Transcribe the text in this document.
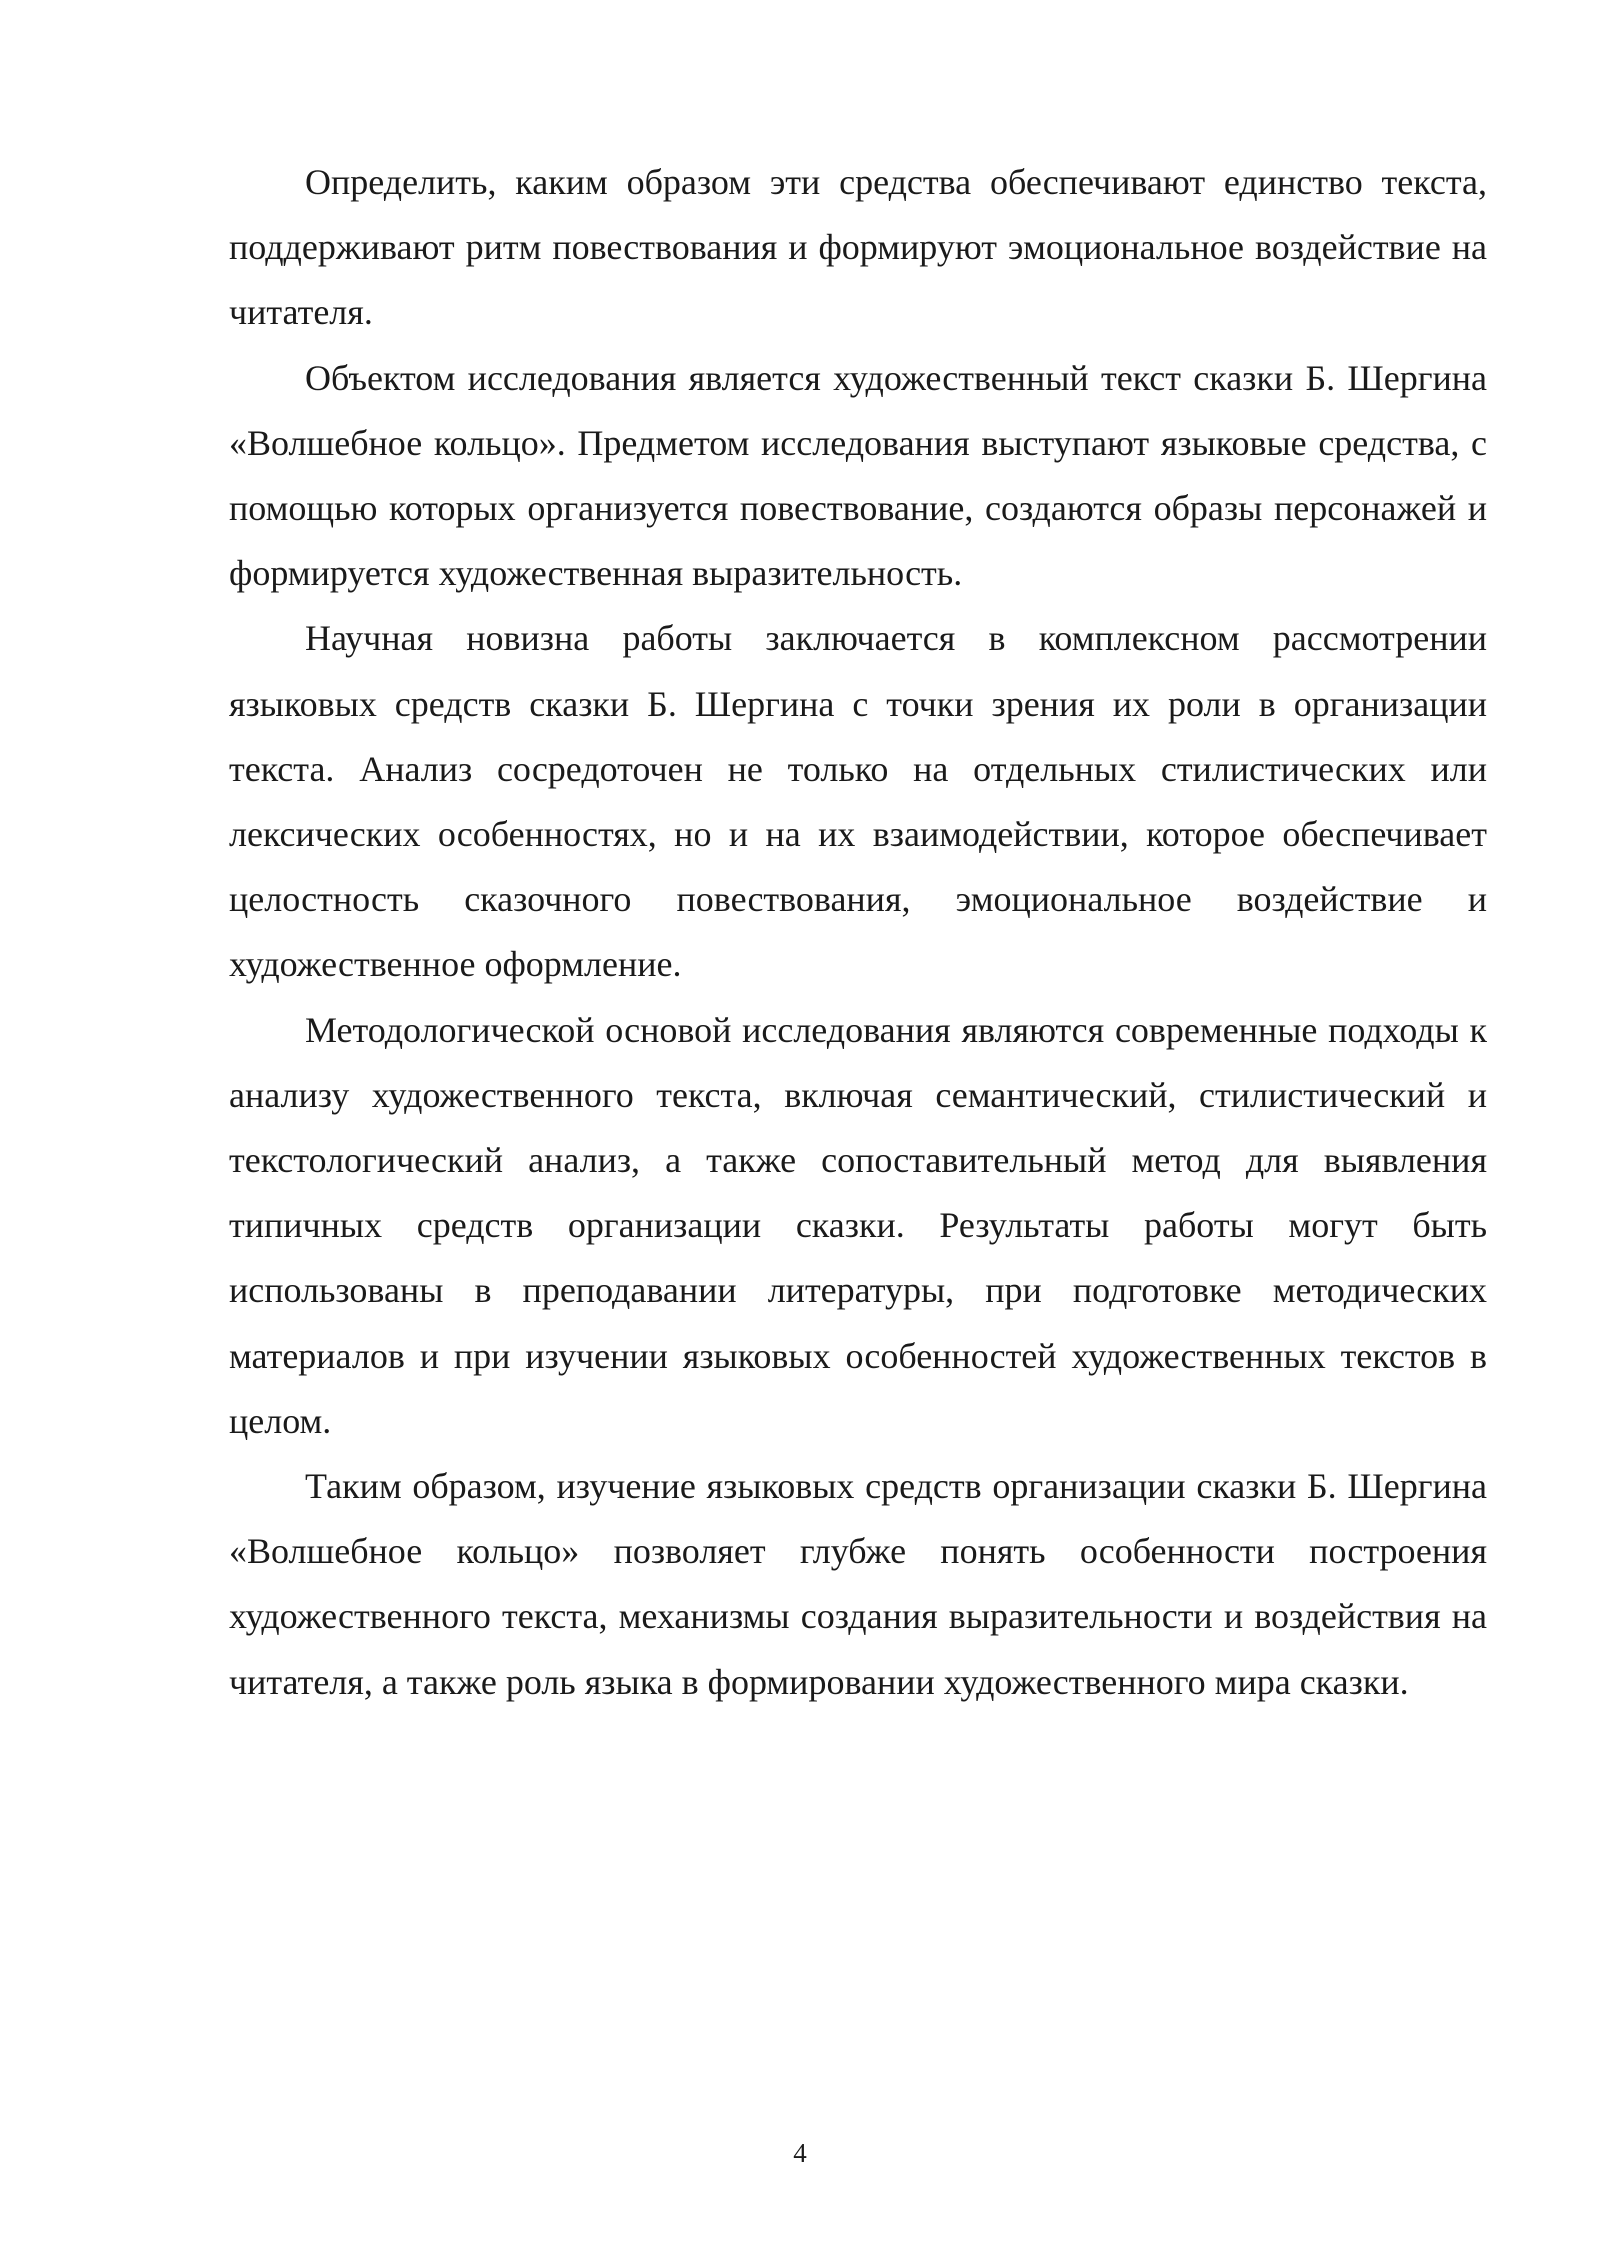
Определить, каким образом эти средства обеспечивают единство текста, поддерживают ритм повествования и формируют эмоциональное воздействие на читателя.

Объектом исследования является художественный текст сказки Б. Шергина «Волшебное кольцо». Предметом исследования выступают языковые средства, с помощью которых организуется повествование, создаются образы персонажей и формируется художественная выразительность.

Научная новизна работы заключается в комплексном рассмотрении языковых средств сказки Б. Шергина с точки зрения их роли в организации текста. Анализ сосредоточен не только на отдельных стилистических или лексических особенностях, но и на их взаимодействии, которое обеспечивает целостность сказочного повествования, эмоциональное воздействие и художественное оформление.

Методологической основой исследования являются современные подходы к анализу художественного текста, включая семантический, стилистический и текстологический анализ, а также сопоставительный метод для выявления типичных средств организации сказки. Результаты работы могут быть использованы в преподавании литературы, при подготовке методических материалов и при изучении языковых особенностей художественных текстов в целом.

Таким образом, изучение языковых средств организации сказки Б. Шергина «Волшебное кольцо» позволяет глубже понять особенности построения художественного текста, механизмы создания выразительности и воздействия на читателя, а также роль языка в формировании художественного мира сказки.

4
